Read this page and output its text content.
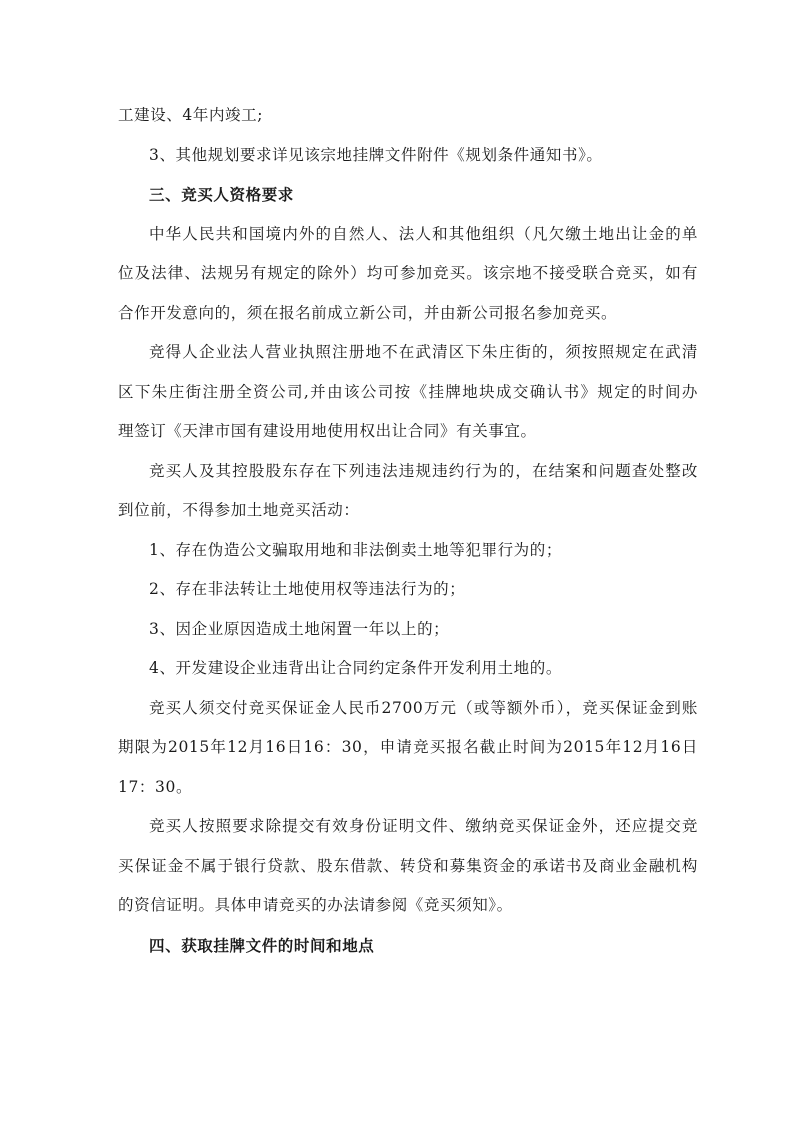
工建设、4年内竣工;
3、其他规划要求详见该宗地挂牌文件附件《规划条件通知书》。
三、竞买人资格要求
中华人民共和国境内外的自然人、法人和其他组织（凡欠缴土地出让金的单
位及法律、法规另有规定的除外）均可参加竞买。该宗地不接受联合竞买，如有
合作开发意向的，须在报名前成立新公司，并由新公司报名参加竞买。
竞得人企业法人营业执照注册地不在武清区下朱庄街的，须按照规定在武清
区下朱庄街注册全资公司,并由该公司按《挂牌地块成交确认书》规定的时间办
理签订《天津市国有建设用地使用权出让合同》有关事宜。
竞买人及其控股股东存在下列违法违规违约行为的，在结案和问题查处整改
到位前，不得参加土地竞买活动：
1、存在伪造公文骗取用地和非法倒卖土地等犯罪行为的；
2、存在非法转让土地使用权等违法行为的；
3、因企业原因造成土地闲置一年以上的；
4、开发建设企业违背出让合同约定条件开发利用土地的。
竞买人须交付竞买保证金人民币2700万元（或等额外币），竞买保证金到账
期限为2015年12月16日16：30，申请竞买报名截止时间为2015年12月16日
17：30。
竞买人按照要求除提交有效身份证明文件、缴纳竞买保证金外，还应提交竞
买保证金不属于银行贷款、股东借款、转贷和募集资金的承诺书及商业金融机构
的资信证明。具体申请竞买的办法请参阅《竞买须知》。
四、获取挂牌文件的时间和地点
